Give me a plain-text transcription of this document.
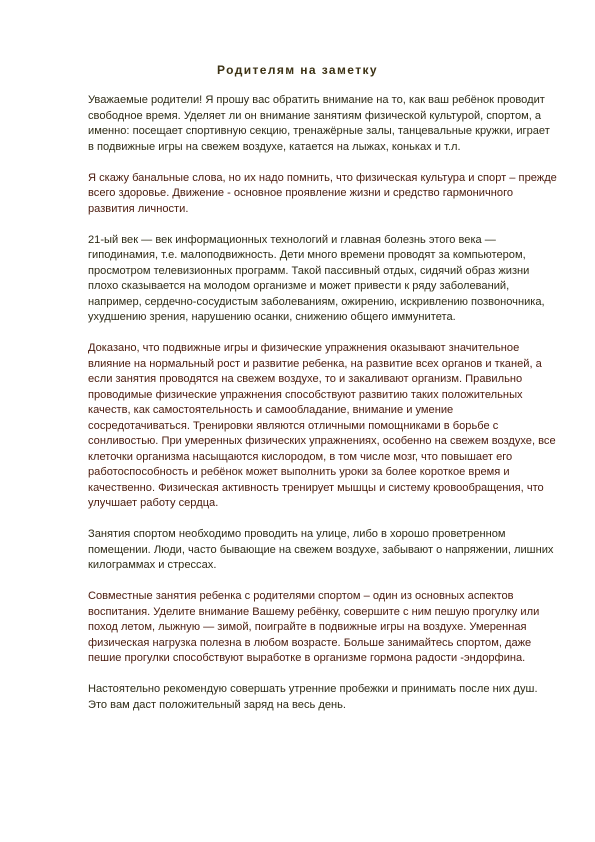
Родителям на заметку

Уважаемые родители! Я прошу вас обратить внимание на то, как ваш ребёнок проводит свободное время. Уделяет ли он внимание занятиям физической культурой, спортом, а именно: посещает спортивную секцию, тренажёрные залы, танцевальные кружки, играет в подвижные игры на свежем воздухе, катается на лыжах, коньках и т.л.

Я скажу банальные слова, но их надо помнить, что физическая культура и спорт – прежде всего здоровье. Движение - основное проявление жизни и средство гармоничного развития личности.

21-ый век — век информационных технологий и главная болезнь этого века — гиподинамия, т.е. малоподвижность. Дети много времени проводят за компьютером, просмотром телевизионных программ. Такой пассивный отдых, сидячий образ жизни плохо сказывается на молодом организме и может привести к ряду заболеваний, например, сердечно-сосудистым заболеваниям, ожирению, искривлению позвоночника, ухудшению зрения, нарушению осанки, снижению общего иммунитета.

Доказано, что подвижные игры и физические упражнения оказывают значительное влияние на нормальный рост и развитие ребенка, на развитие всех органов и тканей, а если занятия проводятся на свежем воздухе, то и закаливают организм. Правильно проводимые физические упражнения способствуют развитию таких положительных качеств, как самостоятельность и самообладание, внимание и умение сосредотачиваться. Тренировки являются отличными помощниками в борьбе с сонливостью. При умеренных физических упражнениях, особенно на свежем воздухе, все клеточки организма насыщаются кислородом, в том числе мозг, что повышает его работоспособность и ребёнок может выполнить уроки за более короткое время и качественно. Физическая активность тренирует мышцы и систему кровообращения, что улучшает работу сердца.

Занятия спортом необходимо проводить на улице, либо в хорошо проветренном помещении. Люди, часто бывающие на свежем воздухе, забывают о напряжении, лишних килограммах и стрессах.

Совместные занятия ребенка с родителями спортом – один из основных аспектов воспитания. Уделите внимание Вашему ребёнку, совершите с ним пешую прогулку или поход летом, лыжную — зимой, поиграйте в подвижные игры на воздухе. Умеренная физическая нагрузка полезна в любом возрасте. Больше занимайтесь спортом, даже пешие прогулки способствуют выработке в организме гормона радости -эндорфина.

Настоятельно рекомендую совершать утренние пробежки и принимать после них душ. Это вам даст положительный заряд на весь день.
